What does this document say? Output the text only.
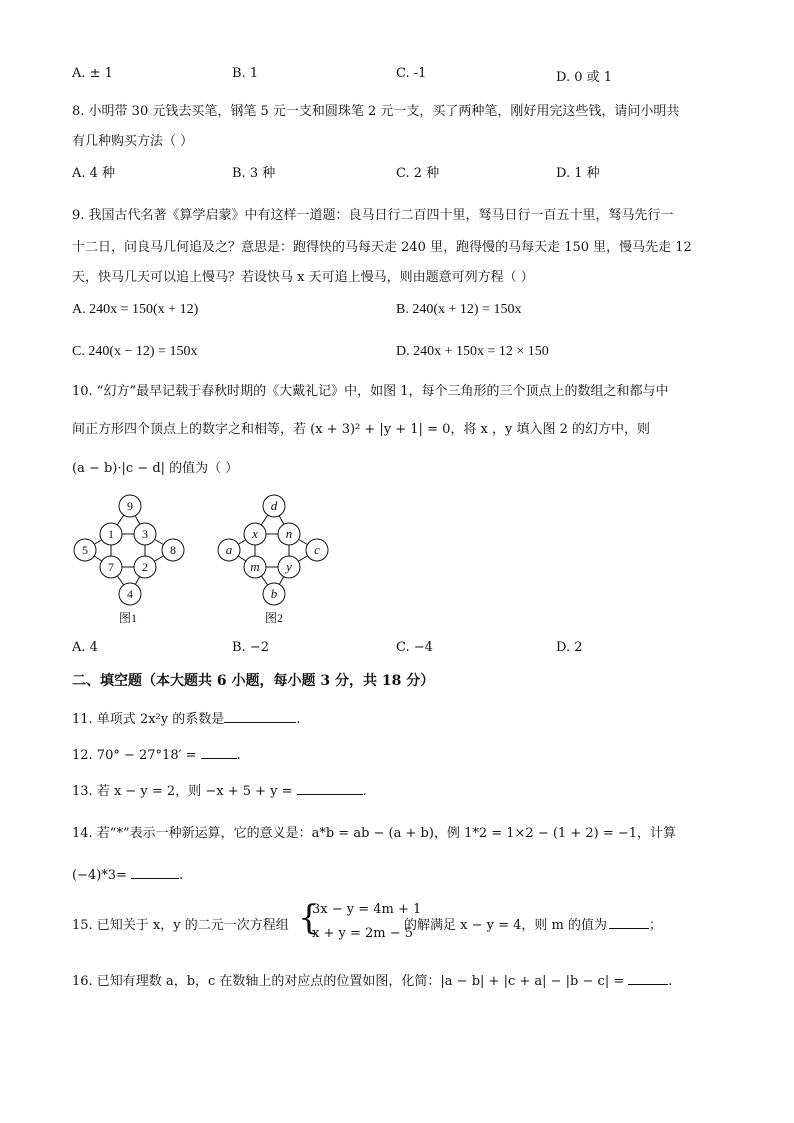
A. ± 1	B. 1	C. -1	D. 0 或 1
8. 小明带 30 元钱去买笔，钢笔 5 元一支和圆珠笔 2 元一支，买了两种笔，刚好用完这些钱，请问小明共
有几种购买方法（ ）
A. 4 种	B. 3 种	C. 2 种	D. 1 种
9. 我国古代名著《算学启蒙》中有这样一道题：良马日行二百四十里，驽马日行一百五十里，驽马先行一
十二日，问良马几何追及之？意思是：跑得快的马每天走 240 里，跑得慢的马每天走 150 里，慢马先走 12
天，快马几天可以追上慢马？若设快马 x 天可追上慢马，则由题意可列方程（ ）
A. 240x = 150(x + 12)	B. 240(x + 12) = 150x
C. 240(x − 12) = 150x	D. 240x + 150x = 12 × 150
10. “幻方”最早记载于春秋时期的《大戴礼记》中，如图 1，每个三角形的三个顶点上的数组之和都与中
间正方形四个顶点上的数字之和相等，若 (x + 3)² + |y + 1| = 0，将 x ，y 填入图 2 的幻方中，则
(a − b)·|c − d| 的值为（ ）
9
1 3
5	8
7 2
4
图1
d
x n
a	c
m y
b
图2
A. 4	B. −2	C. −4	D. 2
二、填空题（本大题共 6 小题，每小题 3 分，共 18 分）
11. 单项式 2x²y 的系数是	.
12. 70° − 27°18′ =	.
13. 若 x − y = 2，则 −x + 5 + y =	.
14. 若“*”表示一种新运算，它的意义是：a*b = ab − (a + b)，例 1*2 = 1×2 − (1 + 2) = −1，计算
(−4)*3=	.
15. 已知关于 x，y 的二元一次方程组 {
3x − y = 4m + 1
x + y = 2m − 5
的解满足 x − y = 4，则 m 的值为	；
16. 已知有理数 a，b，c 在数轴上的对应点的位置如图，化简：|a − b| + |c + a| − |b − c| =	.
